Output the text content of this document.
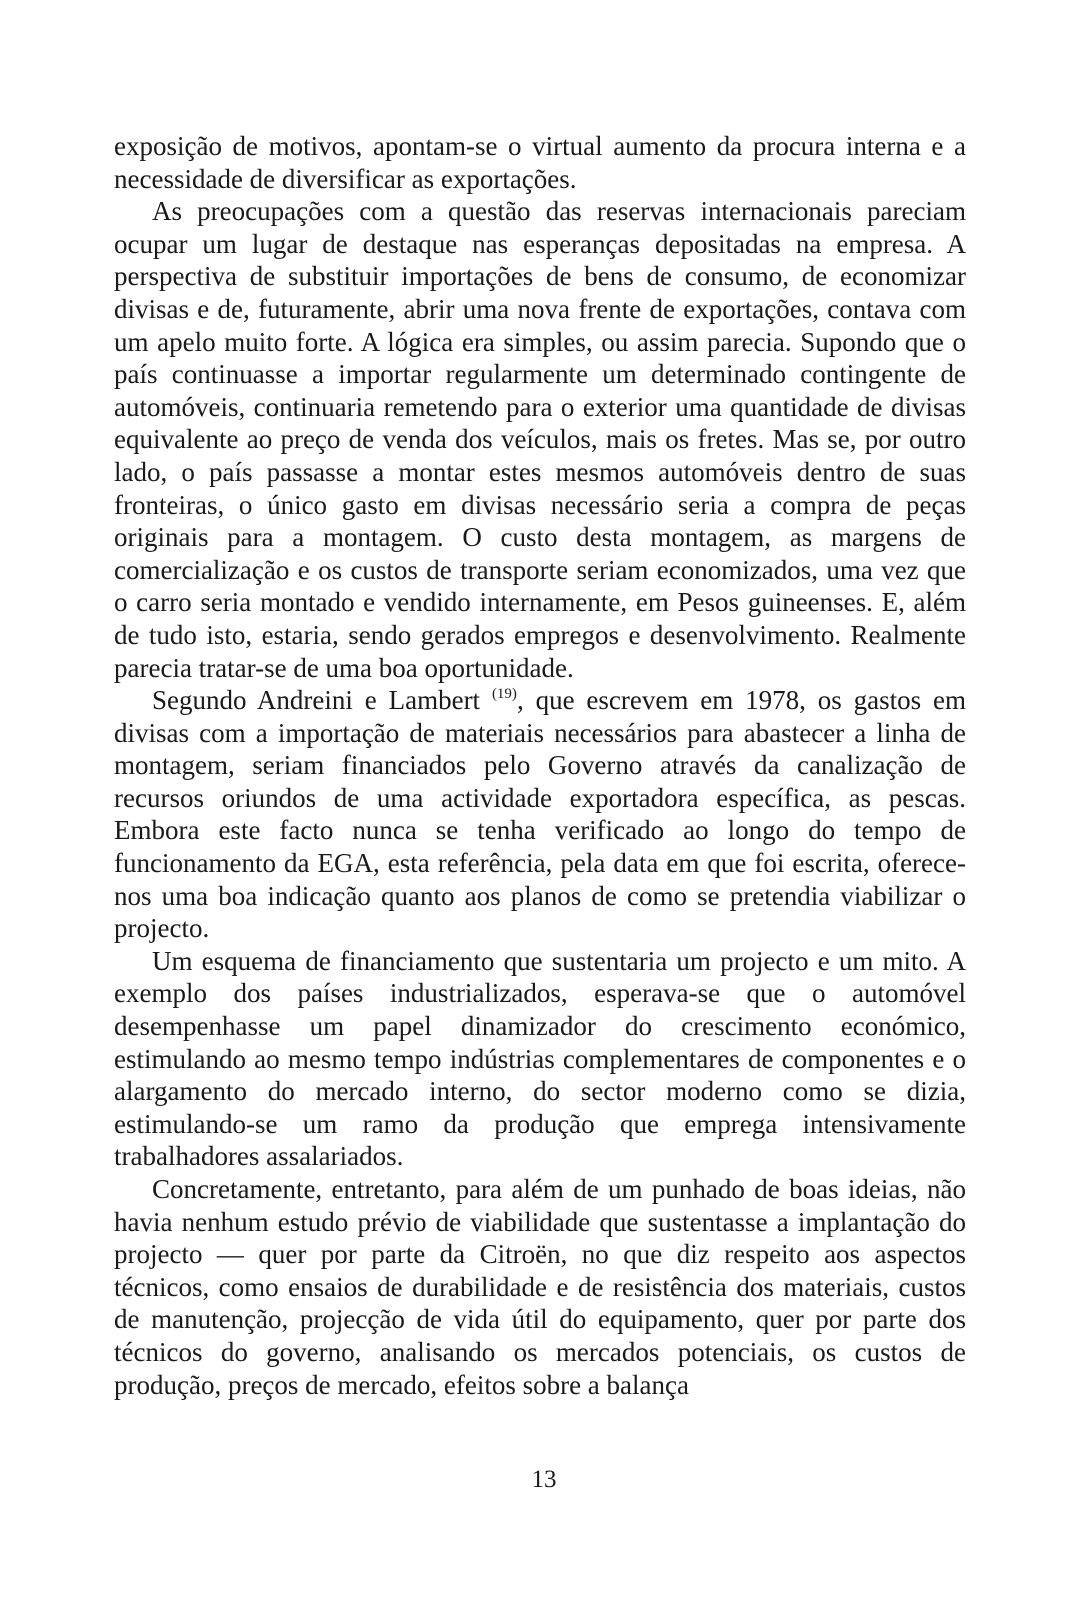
exposição de motivos, apontam-se o virtual aumento da procura interna e a necessidade de diversificar as exportações.

As preocupações com a questão das reservas internacionais pareciam ocupar um lugar de destaque nas esperanças depositadas na empresa. A perspectiva de substituir importações de bens de consumo, de economizar divisas e de, futuramente, abrir uma nova frente de exportações, contava com um apelo muito forte. A lógica era simples, ou assim parecia. Supondo que o país continuasse a importar regularmente um determinado contingente de automóveis, continuaria remetendo para o exterior uma quantidade de divisas equivalente ao preço de venda dos veículos, mais os fretes. Mas se, por outro lado, o país passasse a montar estes mesmos automóveis dentro de suas fronteiras, o único gasto em divisas necessário seria a compra de peças originais para a montagem. O custo desta montagem, as margens de comercialização e os custos de transporte seriam economizados, uma vez que o carro seria montado e vendido internamente, em Pesos guineenses. E, além de tudo isto, estaria, sendo gerados empregos e desenvolvimento. Realmente parecia tratar-se de uma boa oportunidade.

Segundo Andreini e Lambert $^{(19)}$, que escrevem em 1978, os gastos em divisas com a importação de materiais necessários para abastecer a linha de montagem, seriam financiados pelo Governo através da canalização de recursos oriundos de uma actividade exportadora específica, as pescas. Embora este facto nunca se tenha verificado ao longo do tempo de funcionamento da EGA, esta referência, pela data em que foi escrita, oferece-nos uma boa indicação quanto aos planos de como se pretendia viabilizar o projecto.

Um esquema de financiamento que sustentaria um projecto e um mito. A exemplo dos países industrializados, esperava-se que o automóvel desempenhasse um papel dinamizador do crescimento económico, estimulando ao mesmo tempo indústrias complementares de componentes e o alargamento do mercado interno, do sector moderno como se dizia, estimulando-se um ramo da produção que emprega intensivamente trabalhadores assalariados.

Concretamente, entretanto, para além de um punhado de boas ideias, não havia nenhum estudo prévio de viabilidade que sustentasse a implantação do projecto — quer por parte da Citroën, no que diz respeito aos aspectos técnicos, como ensaios de durabilidade e de resistência dos materiais, custos de manutenção, projecção de vida útil do equipamento, quer por parte dos técnicos do governo, analisando os mercados potenciais, os custos de produção, preços de mercado, efeitos sobre a balança

13
